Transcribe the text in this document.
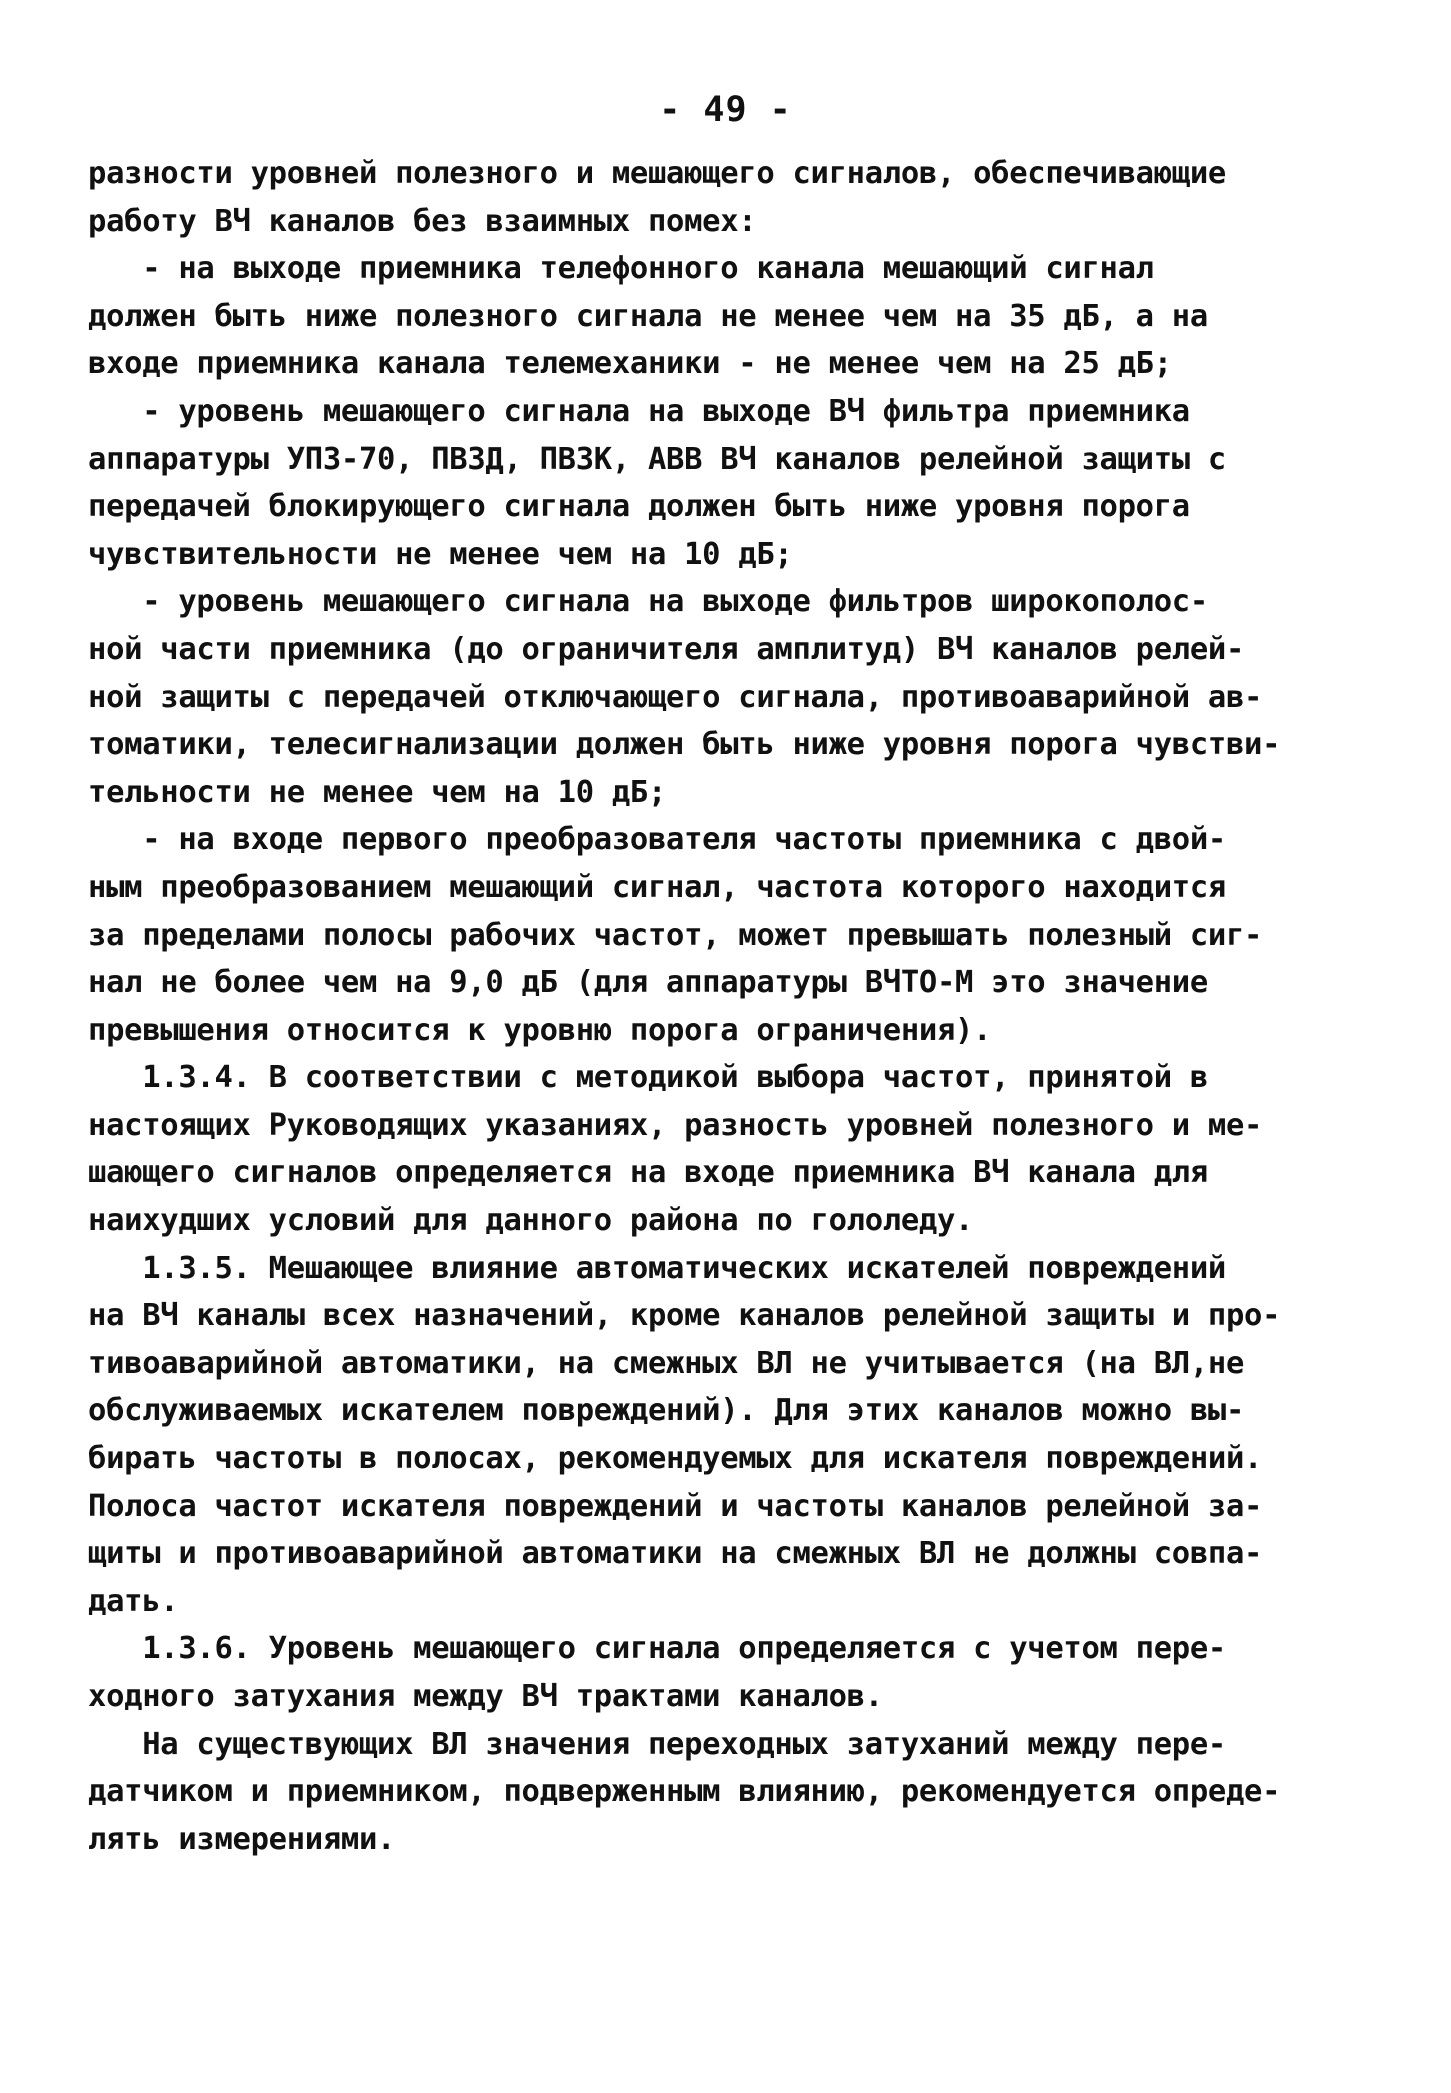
- 49 -
разности уровней полезного и мешающего сигналов, обеспечивающие
работу ВЧ каналов без взаимных помех:
- на выходе приемника телефонного канала мешающий сигнал
должен быть ниже полезного сигнала не менее чем на 35 дБ, а на
входе приемника канала телемеханики - не менее чем на 25 дБ;
- уровень мешающего сигнала на выходе ВЧ фильтра приемника
аппаратуры УПЗ-70, ПВЗД, ПВЗК, АВВ ВЧ каналов релейной защиты с
передачей блокирующего сигнала должен быть ниже уровня порога
чувствительности не менее чем на 10 дБ;
- уровень мешающего сигнала на выходе фильтров широкополос-
ной части приемника (до ограничителя амплитуд) ВЧ каналов релей-
ной защиты с передачей отключающего сигнала, противоаварийной ав-
томатики, телесигнализации должен быть ниже уровня порога чувстви-
тельности не менее чем на 10 дБ;
- на входе первого преобразователя частоты приемника с двой-
ным преобразованием мешающий сигнал, частота которого находится
за пределами полосы рабочих частот, может превышать полезный сиг-
нал не более чем на 9,0 дБ (для аппаратуры ВЧТО-М это значение
превышения относится к уровню порога ограничения).
1.3.4. В соответствии с методикой выбора частот, принятой в
настоящих Руководящих указаниях, разность уровней полезного и ме-
шающего сигналов определяется на входе приемника ВЧ канала для
наихудших условий для данного района по гололеду.
1.3.5. Мешающее влияние автоматических искателей повреждений
на ВЧ каналы всех назначений, кроме каналов релейной защиты и про-
тивоаварийной автоматики, на смежных ВЛ не учитывается (на ВЛ,не
обслуживаемых искателем повреждений). Для этих каналов можно вы-
бирать частоты в полосах, рекомендуемых для искателя повреждений.
Полоса частот искателя повреждений и частоты каналов релейной за-
щиты и противоаварийной автоматики на смежных ВЛ не должны совпа-
дать.
1.3.6. Уровень мешающего сигнала определяется с учетом пере-
ходного затухания между ВЧ трактами каналов.
На существующих ВЛ значения переходных затуханий между пере-
датчиком и приемником, подверженным влиянию, рекомендуется опреде-
лять измерениями.
